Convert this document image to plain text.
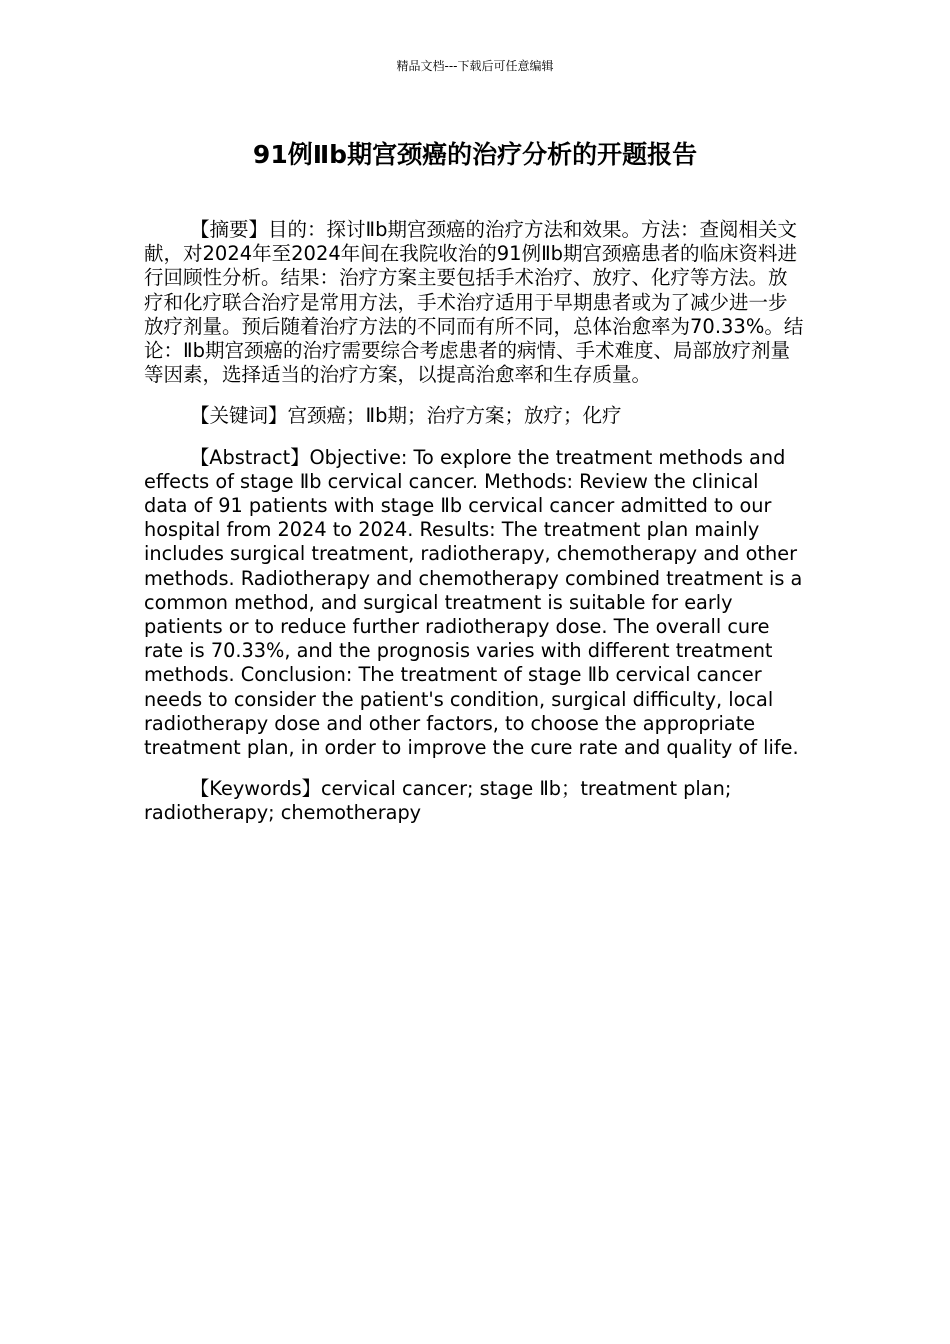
精品文档---下载后可任意编辑
91例Ⅱb期宫颈癌的治疗分析的开题报告

【摘要】目的：探讨Ⅱb期宫颈癌的治疗方法和效果。方法：查阅相关文献，对2024年至2024年间在我院收治的91例Ⅱb期宫颈癌患者的临床资料进行回顾性分析。结果：治疗方案主要包括手术治疗、放疗、化疗等方法。放疗和化疗联合治疗是常用方法，手术治疗适用于早期患者或为了减少进一步放疗剂量。预后随着治疗方法的不同而有所不同，总体治愈率为70.33%。结论：Ⅱb期宫颈癌的治疗需要综合考虑患者的病情、手术难度、局部放疗剂量等因素，选择适当的治疗方案，以提高治愈率和生存质量。

【关键词】宫颈癌；Ⅱb期；治疗方案；放疗；化疗

【Abstract】Objective: To explore the treatment methods and effects of stage Ⅱb cervical cancer. Methods: Review the clinical data of 91 patients with stage Ⅱb cervical cancer admitted to our hospital from 2024 to 2024. Results: The treatment plan mainly includes surgical treatment, radiotherapy, chemotherapy and other methods. Radiotherapy and chemotherapy combined treatment is a common method, and surgical treatment is suitable for early patients or to reduce further radiotherapy dose. The overall cure rate is 70.33%, and the prognosis varies with different treatment methods. Conclusion: The treatment of stage Ⅱb cervical cancer needs to consider the patient's condition, surgical difficulty, local radiotherapy dose and other factors, to choose the appropriate treatment plan, in order to improve the cure rate and quality of life.

【Keywords】cervical cancer; stage Ⅱb；treatment plan; radiotherapy; chemotherapy
